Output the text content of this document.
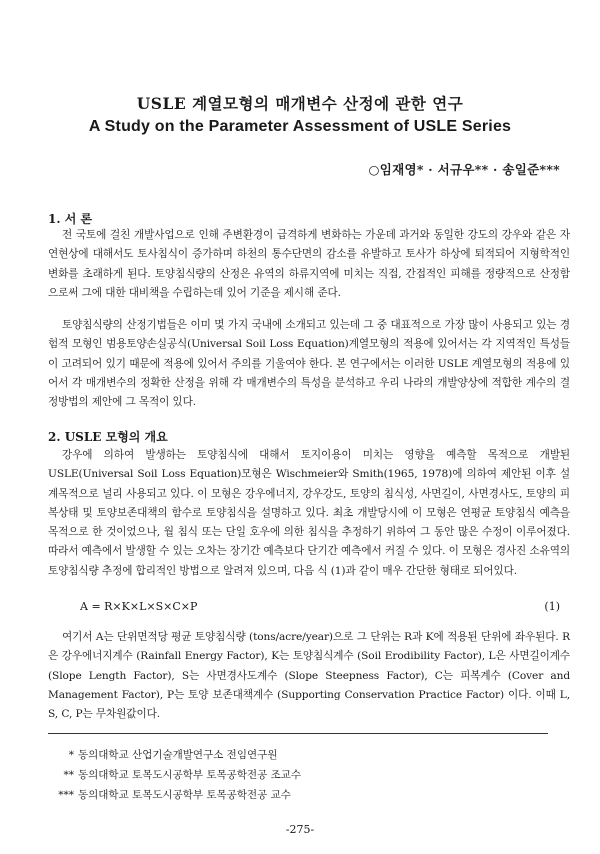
USLE 계열모형의 매개변수 산정에 관한 연구
A Study on the Parameter Assessment of USLE Series
○임재영* · 서규우** · 송일준***
1. 서 론

전 국토에 걸친 개발사업으로 인해 주변환경이 급격하게 변화하는 가운데 과거와 동일한 강도의 강우와 같은 자연현상에 대해서도 토사침식이 증가하며 하천의 통수단면의 감소를 유발하고 토사가 하상에 퇴적되어 지형학적인 변화를 초래하게 된다. 토양침식량의 산정은 유역의 하류지역에 미치는 직접, 간접적인 피해를 정량적으로 산정함으로써 그에 대한 대비책을 수립하는데 있어 기준을 제시해 준다.

토양침식량의 산정기법들은 이미 몇 가지 국내에 소개되고 있는데 그 중 대표적으로 가장 많이 사용되고 있는 경험적 모형인 범용토양손실공식(Universal Soil Loss Equation)계열모형의 적용에 있어서는 각 지역적인 특성들이 고려되어 있기 때문에 적용에 있어서 주의를 기울여야 한다. 본 연구에서는 이러한 USLE 계열모형의 적용에 있어서 각 매개변수의 정확한 산정을 위해 각 매개변수의 특성을 분석하고 우리 나라의 개발양상에 적합한 계수의 결정방법의 제안에 그 목적이 있다.

2. USLE 모형의 개요

강우에 의하여 발생하는 토양침식에 대해서 토지이용이 미치는 영향을 예측할 목적으로 개발된 USLE(Universal Soil Loss Equation)모형은 Wischmeier와 Smith(1965, 1978)에 의하여 제안된 이후 설계목적으로 널리 사용되고 있다. 이 모형은 강우에너지, 강우강도, 토양의 침식성, 사면길이, 사면경사도, 토양의 피복상태 및 토양보존대책의 함수로 토양침식을 설명하고 있다. 최초 개발당시에 이 모형은 연평균 토양침식 예측을 목적으로 한 것이었으나, 월 침식 또는 단일 호우에 의한 침식을 추정하기 위하여 그 동안 많은 수정이 이루어졌다. 따라서 예측에서 발생할 수 있는 오차는 장기간 예측보다 단기간 예측에서 커질 수 있다. 이 모형은 경사진 소유역의 토양침식량 추정에 합리적인 방법으로 알려져 있으며, 다음 식 (1)과 같이 매우 간단한 형태로 되어있다.

A = R×K×L×S×C×P	(1)

여기서 A는 단위면적당 평균 토양침식량 (tons/acre/year)으로 그 단위는 R과 K에 적용된 단위에 좌우된다. R은 강우에너지계수 (Rainfall Energy Factor), K는 토양침식계수 (Soil Erodibility Factor), L은 사면길이계수 (Slope Length Factor), S는 사면경사도계수 (Slope Steepness Factor), C는 피복계수 (Cover and Management Factor), P는 토양 보존대책계수 (Supporting Conservation Practice Factor) 이다. 이때 L, S, C, P는 무차원값이다.

* 동의대학교 산업기술개발연구소 전임연구원
** 동의대학교 토목도시공학부 토목공학전공 조교수
*** 동의대학교 토목도시공학부 토목공학전공 교수
-275-
